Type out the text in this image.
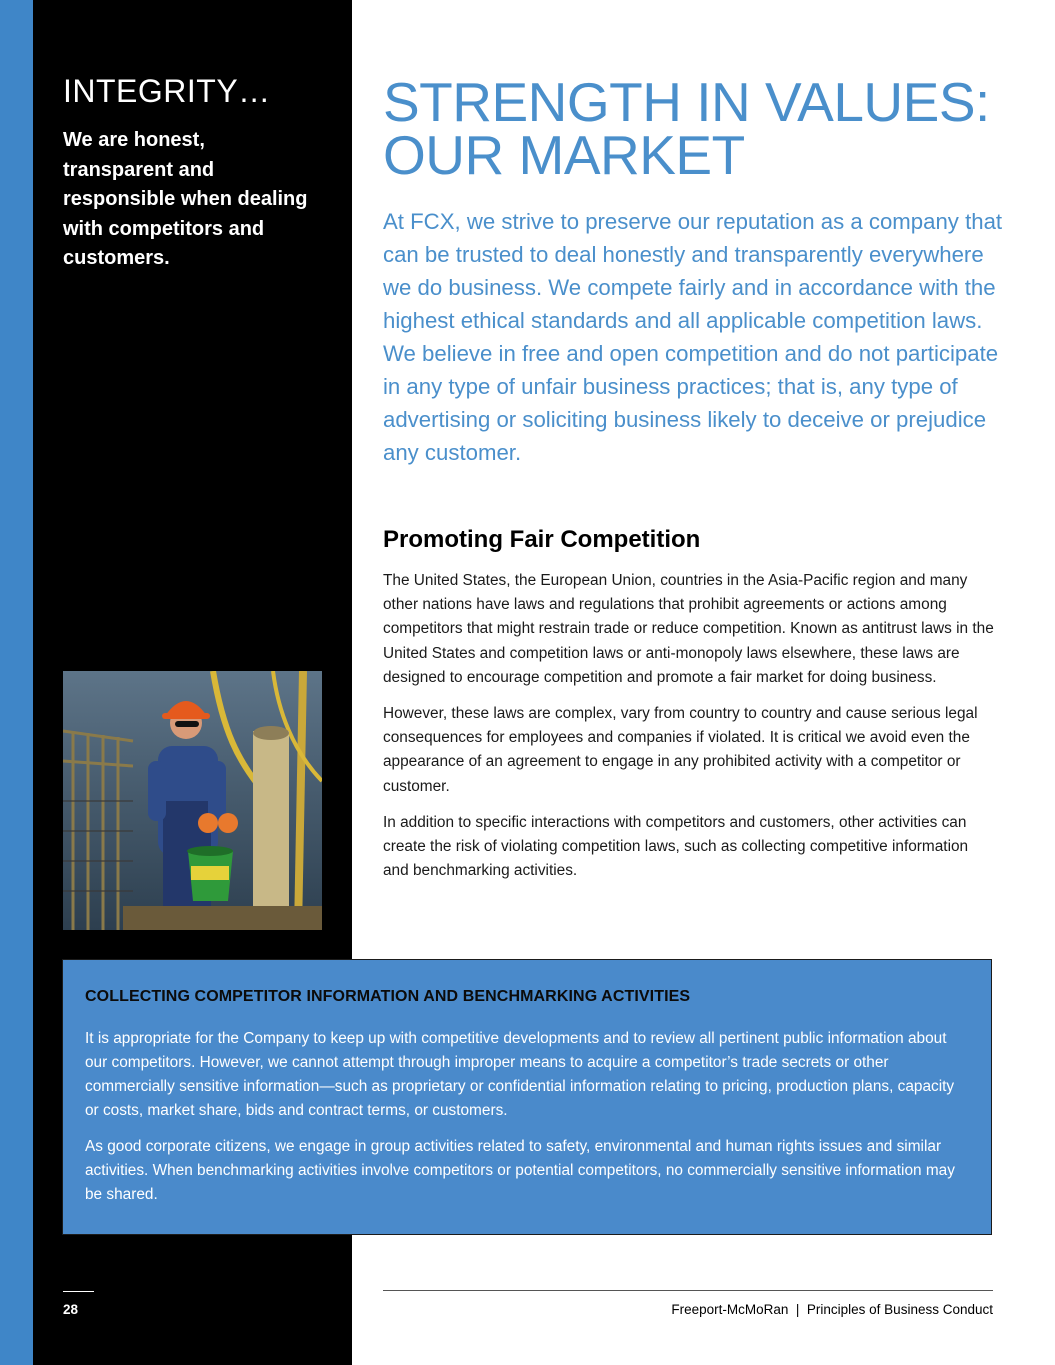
INTEGRITY…

We are honest, transparent and responsible when dealing with competitors and customers.

STRENGTH IN VALUES:
OUR MARKET

At FCX, we strive to preserve our reputation as a company that can be trusted to deal honestly and transparently everywhere we do business. We compete fairly and in accordance with the highest ethical standards and all applicable competition laws. We believe in free and open competition and do not participate in any type of unfair business practices; that is, any type of advertising or soliciting business likely to deceive or prejudice any customer.

Promoting Fair Competition

The United States, the European Union, countries in the Asia-Pacific region and many other nations have laws and regulations that prohibit agreements or actions among competitors that might restrain trade or reduce competition. Known as antitrust laws in the United States and competition laws or anti-monopoly laws elsewhere, these laws are designed to encourage competition and promote a fair market for doing business.

However, these laws are complex, vary from country to country and cause serious legal consequences for employees and companies if violated. It is critical we avoid even the appearance of an agreement to engage in any prohibited activity with a competitor or customer.

In addition to specific interactions with competitors and customers, other activities can create the risk of violating competition laws, such as collecting competitive information and benchmarking activities.

COLLECTING COMPETITOR INFORMATION AND BENCHMARKING ACTIVITIES

It is appropriate for the Company to keep up with competitive developments and to review all pertinent public information about our competitors. However, we cannot attempt through improper means to acquire a competitor’s trade secrets or other commercially sensitive information—such as proprietary or confidential information relating to pricing, production plans, capacity or costs, market share, bids and contract terms, or customers.

As good corporate citizens, we engage in group activities related to safety, environmental and human rights issues and similar activities. When benchmarking activities involve competitors or potential competitors, no commercially sensitive information may be shared.

28	Freeport-McMoRan  |  Principles of Business Conduct
